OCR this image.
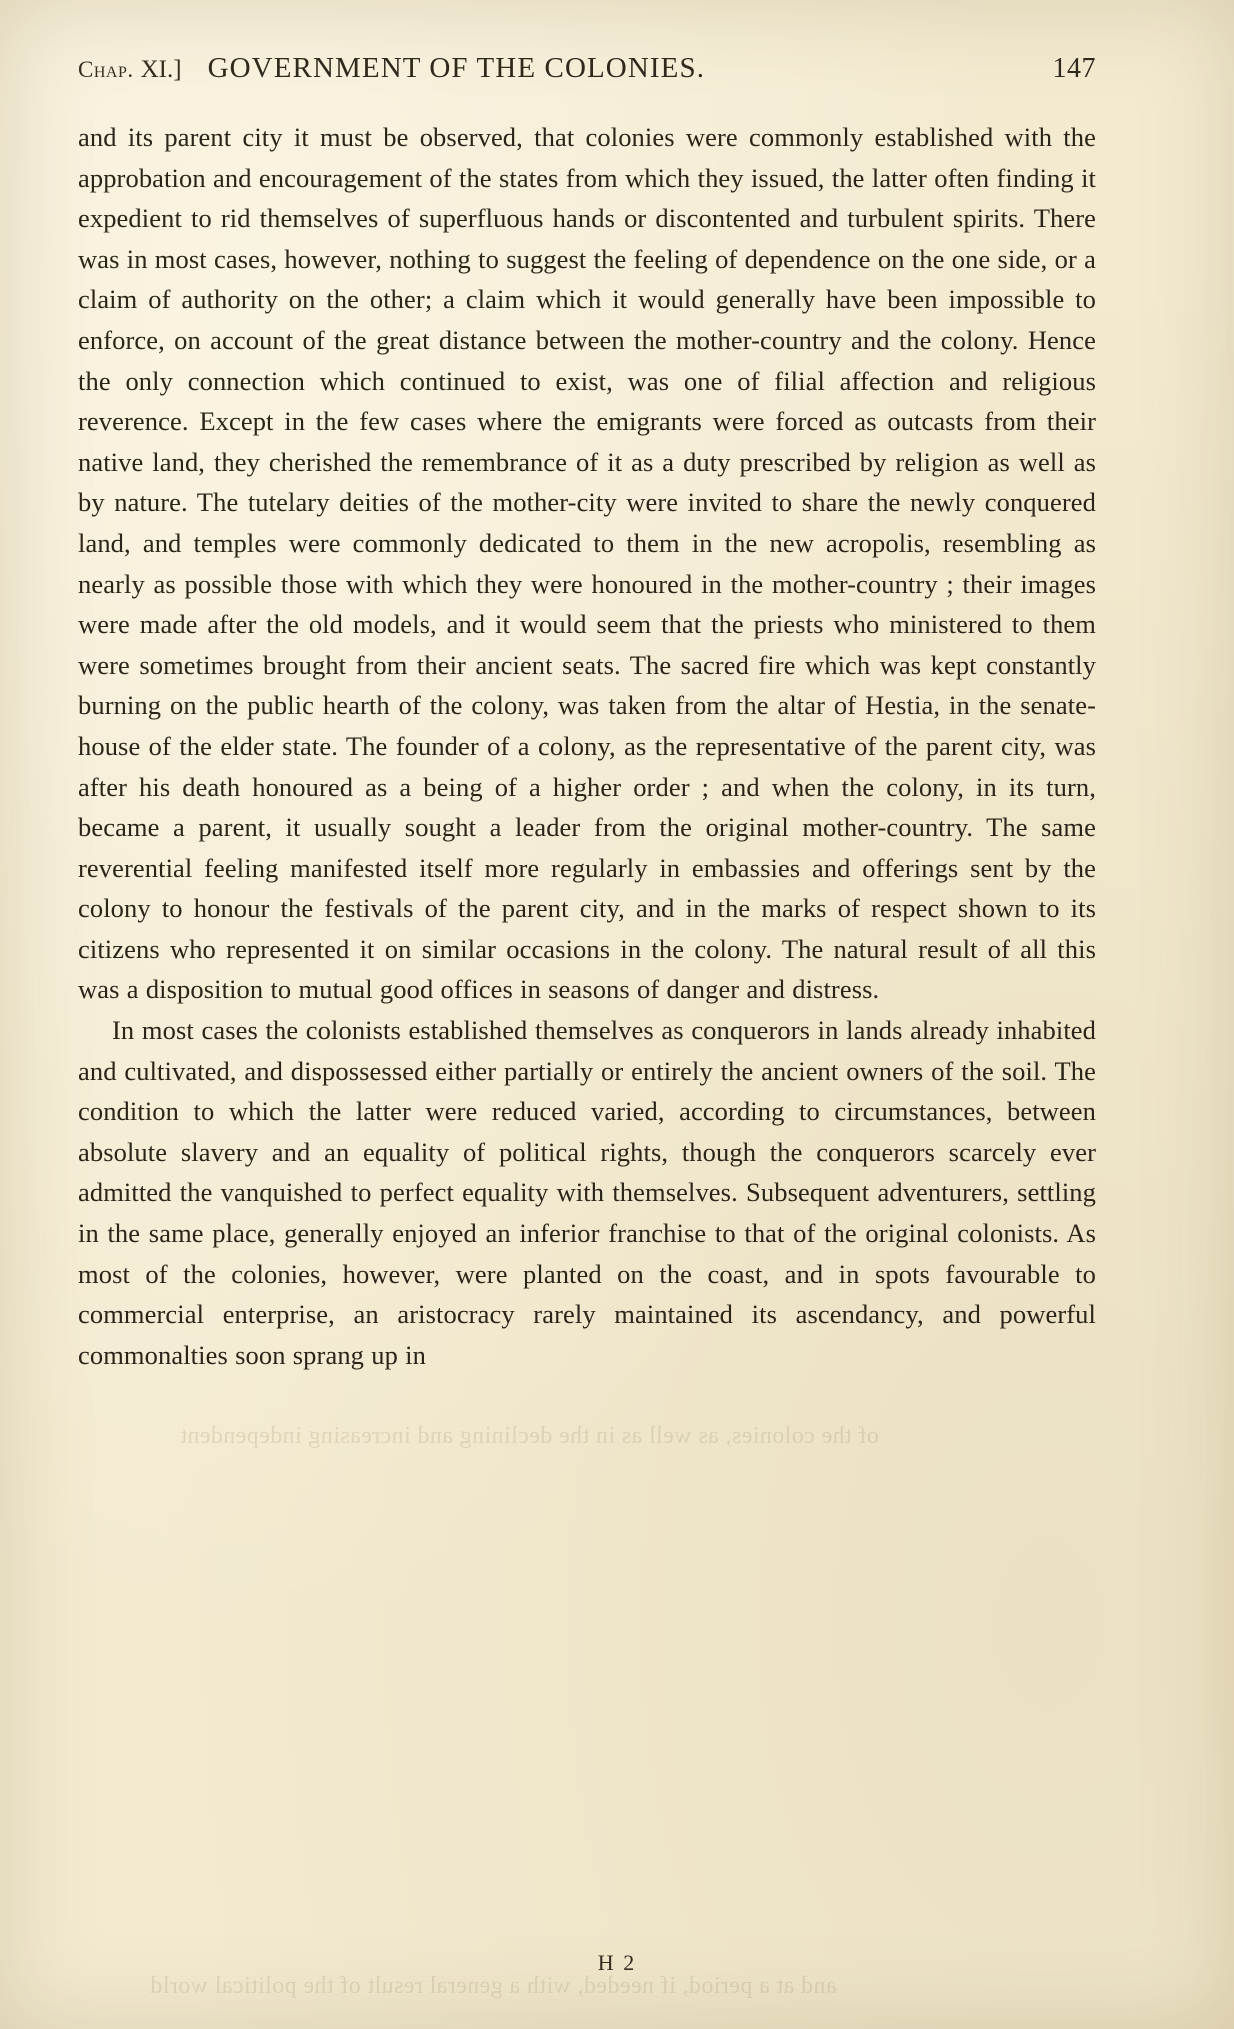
Chap. XI.] GOVERNMENT OF THE COLONIES.	147

and its parent city it must be observed, that colonies were commonly established with the approbation and encouragement of the states from which they issued, the latter often finding it expedient to rid themselves of superfluous hands or discontented and turbulent spirits. There was in most cases, however, nothing to suggest the feeling of dependence on the one side, or a claim of authority on the other; a claim which it would generally have been impossible to enforce, on account of the great distance between the mother-country and the colony. Hence the only connection which continued to exist, was one of filial affection and religious reverence. Except in the few cases where the emigrants were forced as outcasts from their native land, they cherished the remembrance of it as a duty prescribed by religion as well as by nature. The tutelary deities of the mother-city were invited to share the newly conquered land, and temples were commonly dedicated to them in the new acropolis, resembling as nearly as possible those with which they were honoured in the mother-country ; their images were made after the old models, and it would seem that the priests who ministered to them were sometimes brought from their ancient seats. The sacred fire which was kept constantly burning on the public hearth of the colony, was taken from the altar of Hestia, in the senate-house of the elder state. The founder of a colony, as the representative of the parent city, was after his death honoured as a being of a higher order ; and when the colony, in its turn, became a parent, it usually sought a leader from the original mother-country. The same reverential feeling manifested itself more regularly in embassies and offerings sent by the colony to honour the festivals of the parent city, and in the marks of respect shown to its citizens who represented it on similar occasions in the colony. The natural result of all this was a disposition to mutual good offices in seasons of danger and distress.

In most cases the colonists established themselves as conquerors in lands already inhabited and cultivated, and dispossessed either partially or entirely the ancient owners of the soil. The condition to which the latter were reduced varied, according to circumstances, between absolute slavery and an equality of political rights, though the conquerors scarcely ever admitted the vanquished to perfect equality with themselves. Subsequent adventurers, settling in the same place, generally enjoyed an inferior franchise to that of the original colonists. As most of the colonies, however, were planted on the coast, and in spots favourable to commercial enterprise, an aristocracy rarely maintained its ascendancy, and powerful commonalties soon sprang up in

of the colonies, as well as in the declining and increasing independent
and at a period, if needed, with a general result of the political world
H 2
